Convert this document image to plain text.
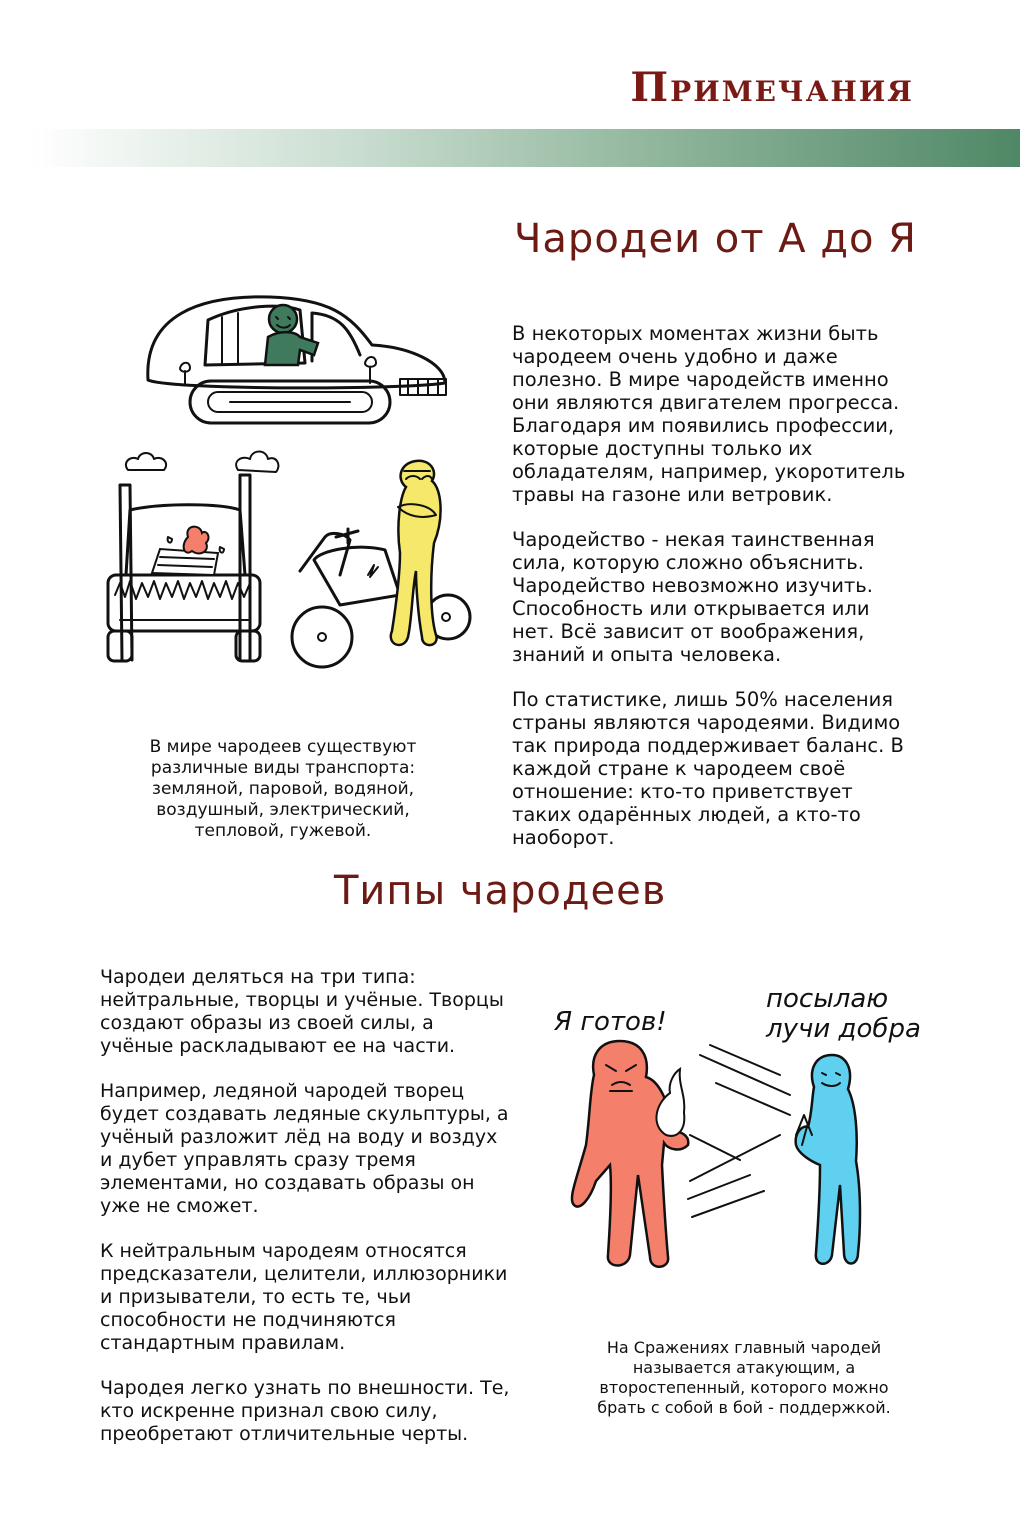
Примечания
Чародеи от А до Я

В некоторых моментах жизни быть чародеем очень удобно и даже полезно. В мире чародейств именно они являются двигателем прогресса. Благодаря им появились профессии, которые доступны только их обладателям, например, укоротитель травы на газоне или ветровик.

Чародейство - некая таинственная сила, которую сложно объяснить. Чародейство невозможно изучить. Способность или открывается или нет. Всё зависит от воображения, знаний и опыта человека.

По статистике, лишь 50% населения страны являются чародеями. Видимо так природа поддерживает баланс. В каждой стране к чародеем своё отношение: кто-то приветствует таких одарённых людей, а кто-то наоборот.

В мире чародеев существуют различные виды транспорта: земляной, паровой, водяной, воздушный, электрический, тепловой, гужевой.

Типы чародеев

Чародеи деляться на три типа: нейтральные, творцы и учёные. Творцы создают образы из своей силы, а учёные раскладывают ее на части.

Например, ледяной чародей творец будет создавать ледяные скульптуры, а учёный разложит лёд на воду и воздух и дубет управлять сразу тремя элементами, но создавать образы он уже не сможет.

К нейтральным чародеям относятся предсказатели, целители, иллюзорники и призыватели, то есть те, чьи способности не подчиняются стандартным правилам.

Чародея легко узнать по внешности. Те, кто искренне признал свою силу, преобретают отличительные черты.

Я готов!
посылаю
лучи добра

На Сражениях главный чародей называется атакующим, а второстепенный, которого можно брать с собой в бой - поддержкой.
